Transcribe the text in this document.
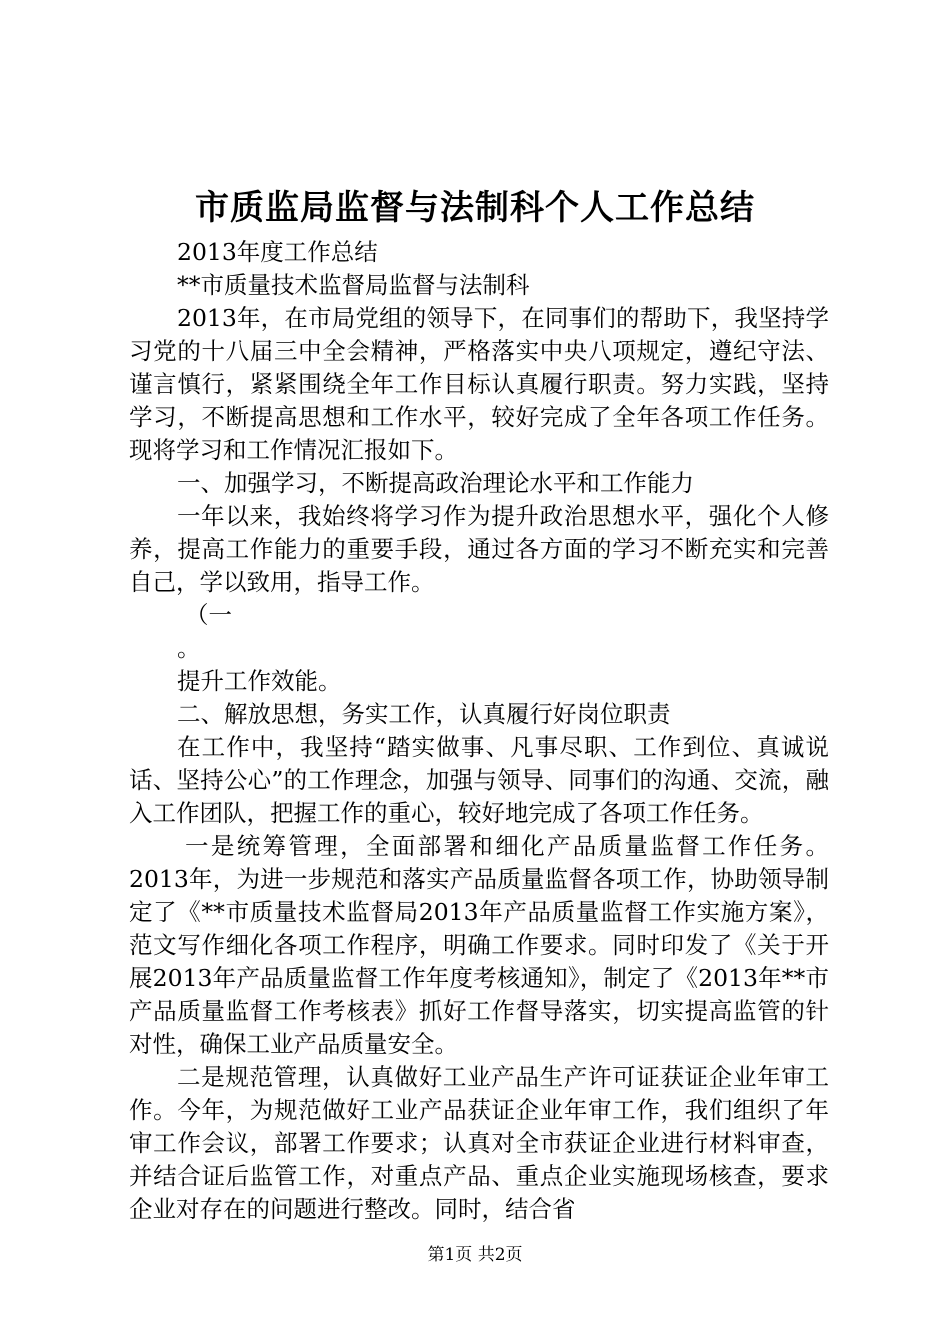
市质监局监督与法制科个人工作总结

2013年度工作总结

**市质量技术监督局监督与法制科

2013年，在市局党组的领导下，在同事们的帮助下，我坚持学习党的十八届三中全会精神，严格落实中央八项规定，遵纪守法、谨言慎行，紧紧围绕全年工作目标认真履行职责。努力实践，坚持学习，不断提高思想和工作水平，较好完成了全年各项工作任务。现将学习和工作情况汇报如下。

一、加强学习，不断提高政治理论水平和工作能力

一年以来，我始终将学习作为提升政治思想水平，强化个人修养，提高工作能力的重要手段，通过各方面的学习不断充实和完善自己，学以致用，指导工作。

（一

。

提升工作效能。

二、解放思想，务实工作，认真履行好岗位职责

在工作中，我坚持“踏实做事、凡事尽职、工作到位、真诚说话、坚持公心”的工作理念，加强与领导、同事们的沟通、交流，融入工作团队，把握工作的重心，较好地完成了各项工作任务。

一是统筹管理，全面部署和细化产品质量监督工作任务。2013年，为进一步规范和落实产品质量监督各项工作，协助领导制定了《**市质量技术监督局2013年产品质量监督工作实施方案》，范文写作细化各项工作程序，明确工作要求。同时印发了《关于开展2013年产品质量监督工作年度考核通知》，制定了《2013年**市产品质量监督工作考核表》抓好工作督导落实，切实提高监管的针对性，确保工业产品质量安全。

二是规范管理，认真做好工业产品生产许可证获证企业年审工作。今年，为规范做好工业产品获证企业年审工作，我们组织了年审工作会议，部署工作要求；认真对全市获证企业进行材料审查，并结合证后监管工作，对重点产品、重点企业实施现场核查，要求企业对存在的问题进行整改。同时，结合省

第1页 共2页
